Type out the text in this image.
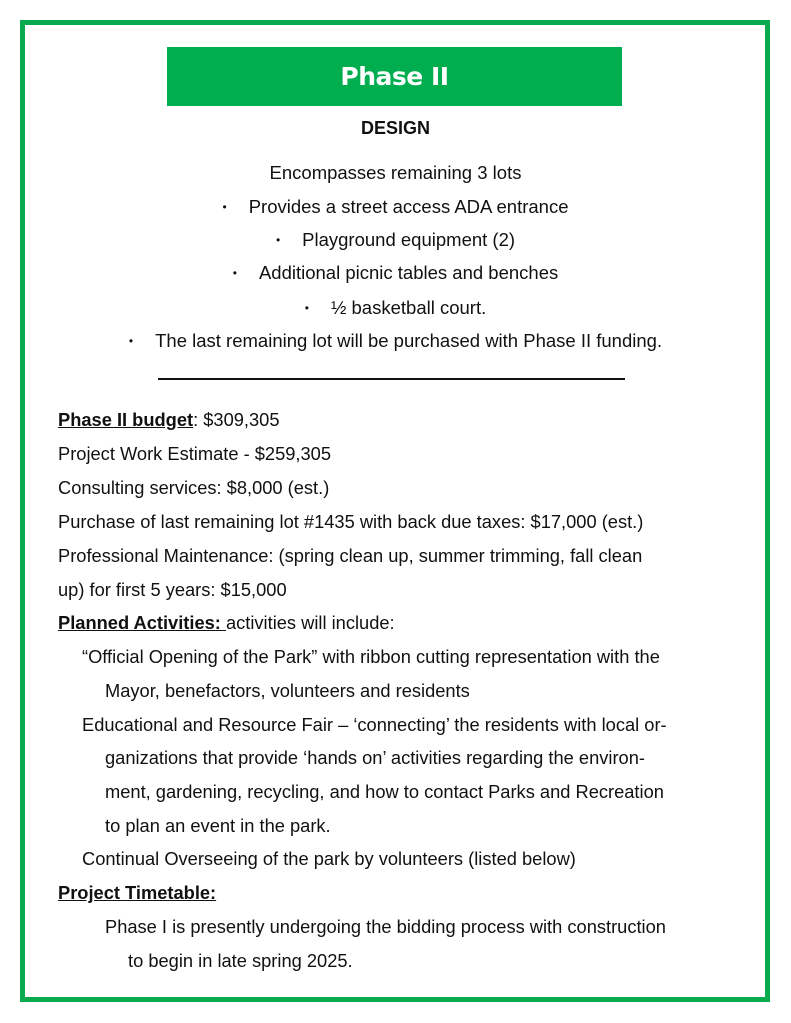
Phase II
DESIGN
Encompasses remaining 3 lots
• Provides a street access ADA entrance
• Playground equipment (2)
• Additional picnic tables and benches
• ½ basketball court.
• The last remaining lot will be purchased with Phase II funding.
Phase II budget: $309,305
Project Work Estimate - $259,305
Consulting services: $8,000 (est.)
Purchase of last remaining lot #1435 with back due taxes: $17,000 (est.)
Professional Maintenance: (spring clean up, summer trimming, fall clean
up) for first 5 years: $15,000
Planned Activities: activities will include:
“Official Opening of the Park” with ribbon cutting representation with the
Mayor, benefactors, volunteers and residents
Educational and Resource Fair – ‘connecting’ the residents with local or-
ganizations that provide ‘hands on’ activities regarding the environ-
ment, gardening, recycling, and how to contact Parks and Recreation
to plan an event in the park.
Continual Overseeing of the park by volunteers (listed below)
Project Timetable:
Phase I is presently undergoing the bidding process with construction
to begin in late spring 2025.
